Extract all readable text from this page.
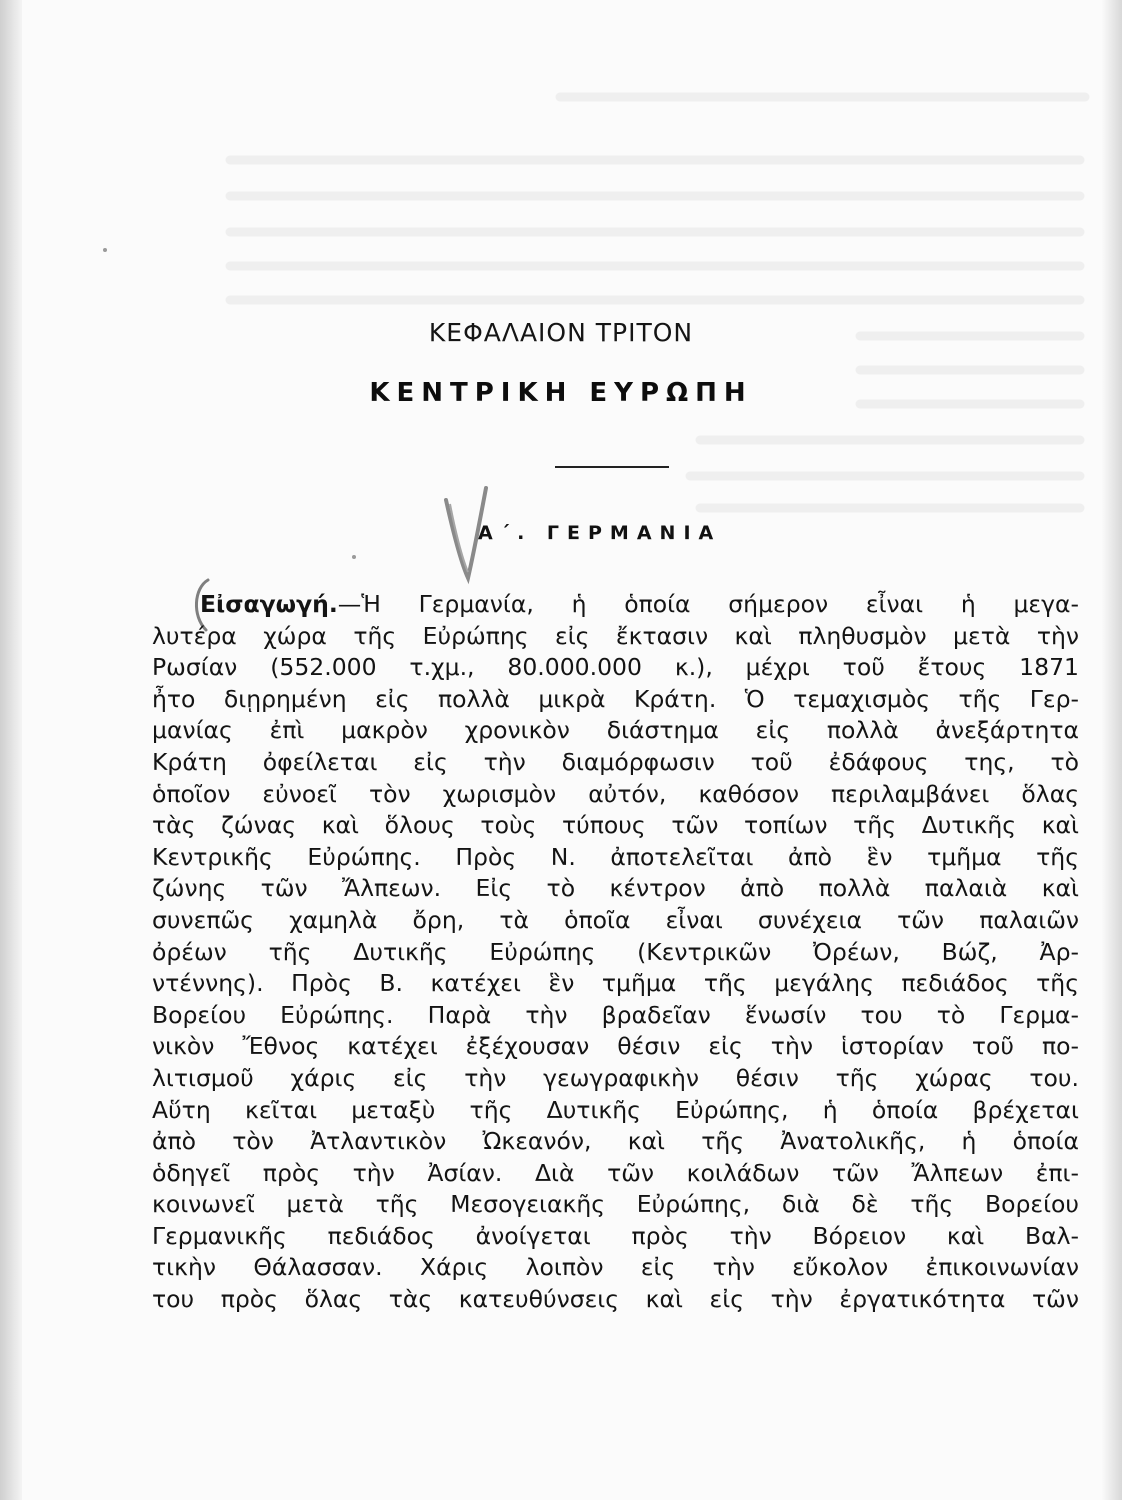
ΚΕΦΑΛΑΙΟΝ ΤΡΙΤΟΝ
ΚΕΝΤΡΙΚΗ ΕΥΡΩΠΗ
Α΄. ΓΕΡΜΑΝΙΑ
Εἰσαγωγή.—Ἡ Γερμανία, ἡ ὁποία σήμερον εἶναι ἡ μεγα-
λυτέρα χώρα τῆς Εὐρώπης εἰς ἔκτασιν καὶ πληθυσμὸν μετὰ τὴν
Ρωσίαν (552.000 τ.χμ., 80.000.000 κ.), μέχρι τοῦ ἔτους 1871
ἦτο διῃρημένη εἰς πολλὰ μικρὰ Κράτη. Ὁ τεμαχισμὸς τῆς Γερ-
μανίας ἐπὶ μακρὸν χρονικὸν διάστημα εἰς πολλὰ ἀνεξάρτητα
Κράτη ὀφείλεται εἰς τὴν διαμόρφωσιν τοῦ ἐδάφους της, τὸ
ὁποῖον εὐνοεῖ τὸν χωρισμὸν αὐτόν, καθόσον περιλαμβάνει ὅλας
τὰς ζώνας καὶ ὅλους τοὺς τύπους τῶν τοπίων τῆς Δυτικῆς καὶ
Κεντρικῆς Εὐρώπης. Πρὸς Ν. ἀποτελεῖται ἀπὸ ἓν τμῆμα τῆς
ζώνης τῶν Ἄλπεων. Εἰς τὸ κέντρον ἀπὸ πολλὰ παλαιὰ καὶ
συνεπῶς χαμηλὰ ὄρη, τὰ ὁποῖα εἶναι συνέχεια τῶν παλαιῶν
ὀρέων τῆς Δυτικῆς Εὐρώπης (Κεντρικῶν Ὀρέων, Βώζ, Ἀρ-
ντέννης). Πρὸς Β. κατέχει ἓν τμῆμα τῆς μεγάλης πεδιάδος τῆς
Βορείου Εὐρώπης. Παρὰ τὴν βραδεῖαν ἕνωσίν του τὸ Γερμα-
νικὸν Ἔθνος κατέχει ἐξέχουσαν θέσιν εἰς τὴν ἱστορίαν τοῦ πο-
λιτισμοῦ χάρις εἰς τὴν γεωγραφικὴν θέσιν τῆς χώρας του.
Αὕτη κεῖται μεταξὺ τῆς Δυτικῆς Εὐρώπης, ἡ ὁποία βρέχεται
ἀπὸ τὸν Ἀτλαντικὸν Ὠκεανόν, καὶ τῆς Ἀνατολικῆς, ἡ ὁποία
ὁδηγεῖ πρὸς τὴν Ἀσίαν. Διὰ τῶν κοιλάδων τῶν Ἄλπεων ἐπι-
κοινωνεῖ μετὰ τῆς Μεσογειακῆς Εὐρώπης, διὰ δὲ τῆς Βορείου
Γερμανικῆς πεδιάδος ἀνοίγεται πρὸς τὴν Βόρειον καὶ Βαλ-
τικὴν Θάλασσαν. Χάρις λοιπὸν εἰς τὴν εὔκολον ἐπικοινωνίαν
του πρὸς ὅλας τὰς κατευθύνσεις καὶ εἰς τὴν ἐργατικότητα τῶν
